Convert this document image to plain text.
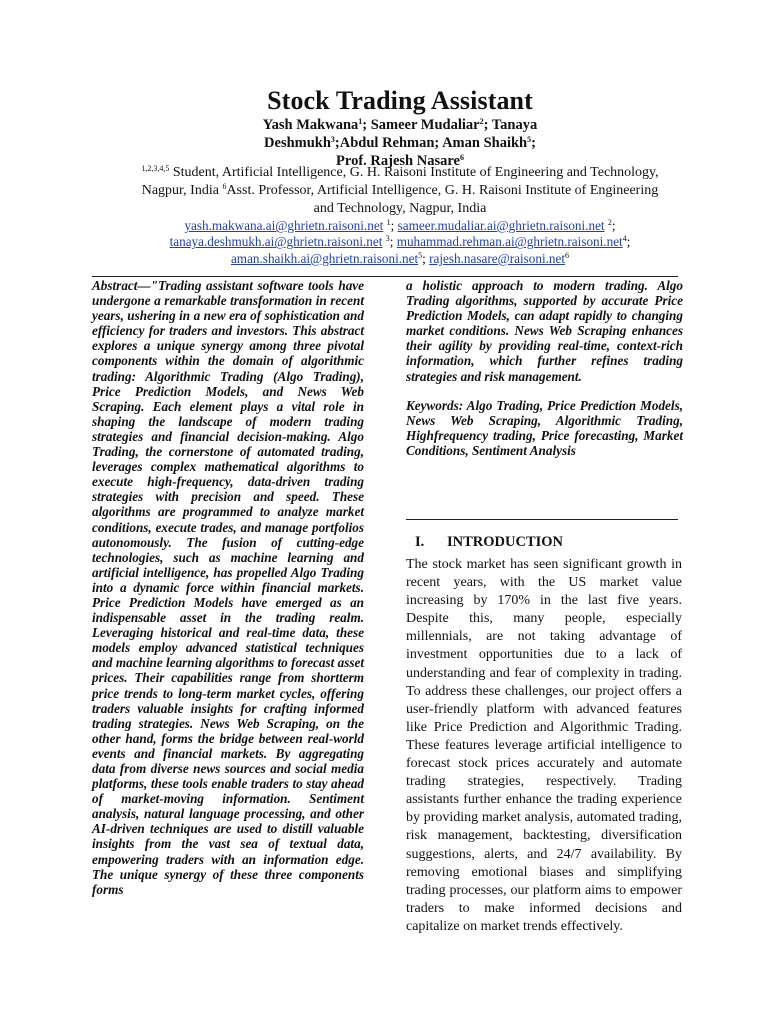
Stock Trading Assistant
Yash Makwana$^1$; Sameer Mudaliar$^2$; Tanaya
Deshmukh$^3$;Abdul Rehman; Aman Shaikh$^5$;
Prof. Rajesh Nasare$^6$
$^{1,2,3,4,5}$ Student, Artificial Intelligence, G. H. Raisoni Institute of Engineering and Technology, Nagpur, India $^6$Asst. Professor, Artificial Intelligence, G. H. Raisoni Institute of Engineering and Technology, Nagpur, India
yash.makwana.ai@ghrietn.raisoni.net $^1$; sameer.mudaliar.ai@ghrietn.raisoni.net $^2$;
tanaya.deshmukh.ai@ghrietn.raisoni.net $^3$; muhammad.rehman.ai@ghrietn.raisoni.net$^4$;
aman.shaikh.ai@ghrietn.raisoni.net$^5$; rajesh.nasare@raisoni.net$^6$
Abstract—"Trading assistant software tools have undergone a remarkable transformation in recent years, ushering in a new era of sophistication and efficiency for traders and investors. This abstract explores a unique synergy among three pivotal components within the domain of algorithmic trading: Algorithmic Trading (Algo Trading), Price Prediction Models, and News Web Scraping. Each element plays a vital role in shaping the landscape of modern trading strategies and financial decision-making. Algo Trading, the cornerstone of automated trading, leverages complex mathematical algorithms to execute high-frequency, data-driven trading strategies with precision and speed. These algorithms are programmed to analyze market conditions, execute trades, and manage portfolios autonomously. The fusion of cutting-edge technologies, such as machine learning and artificial intelligence, has propelled Algo Trading into a dynamic force within financial markets. Price Prediction Models have emerged as an indispensable asset in the trading realm. Leveraging historical and real-time data, these models employ advanced statistical techniques and machine learning algorithms to forecast asset prices. Their capabilities range from shortterm price trends to long-term market cycles, offering traders valuable insights for crafting informed trading strategies. News Web Scraping, on the other hand, forms the bridge between real-world events and financial markets. By aggregating data from diverse news sources and social media platforms, these tools enable traders to stay ahead of market-moving information. Sentiment analysis, natural language processing, and other AI-driven techniques are used to distill valuable insights from the vast sea of textual data, empowering traders with an information edge. The unique synergy of these three components forms

a holistic approach to modern trading. Algo Trading algorithms, supported by accurate Price Prediction Models, can adapt rapidly to changing market conditions. News Web Scraping enhances their agility by providing real-time, context-rich information, which further refines trading strategies and risk management.

Keywords: Algo Trading, Price Prediction Models, News Web Scraping, Algorithmic Trading, Highfrequency trading, Price forecasting, Market Conditions, Sentiment Analysis

I. INTRODUCTION
The stock market has seen significant growth in recent years, with the US market value increasing by 170% in the last five years. Despite this, many people, especially millennials, are not taking advantage of investment opportunities due to a lack of understanding and fear of complexity in trading. To address these challenges, our project offers a user-friendly platform with advanced features like Price Prediction and Algorithmic Trading. These features leverage artificial intelligence to forecast stock prices accurately and automate trading strategies, respectively. Trading assistants further enhance the trading experience by providing market analysis, automated trading, risk management, backtesting, diversification suggestions, alerts, and 24/7 availability. By removing emotional biases and simplifying trading processes, our platform aims to empower traders to make informed decisions and capitalize on market trends effectively.
